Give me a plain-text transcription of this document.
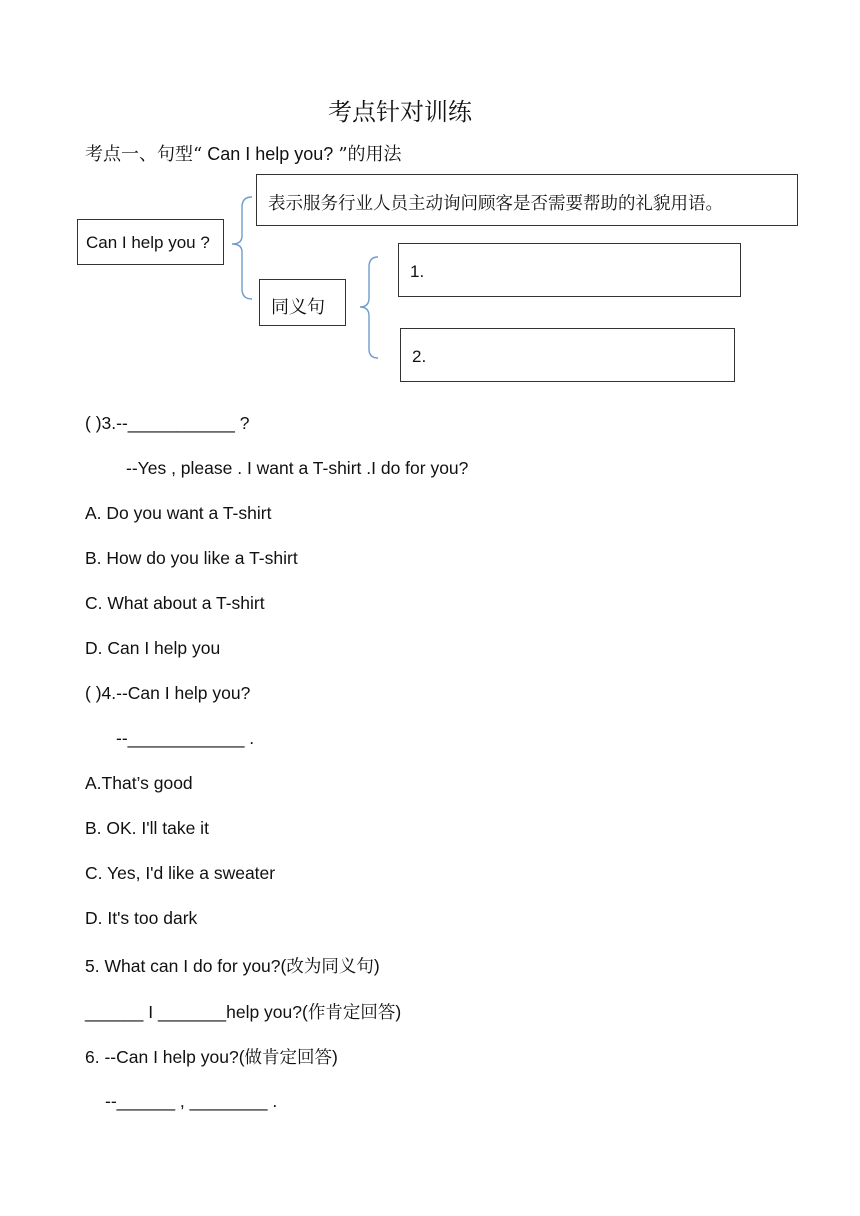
考点针对训练
考点一、句型“ Can I help you? ”的用法
Can I help you ?
表示服务行业人员主动询问顾客是否需要帮助的礼貌用语。
同义句
1.
2.
( )3.--___________ ?
--Yes , please . I want a T-shirt .I do for you?
A. Do you want a T-shirt
B. How do you like a T-shirt
C. What about a T-shirt
D. Can I help you
( )4.--Can I help you?
--____________ .
A.That’s good
B. OK. I'll take it
C. Yes, I'd like a sweater
D. It's too dark
5. What can I do for you?(改为同义句)
______ I _______help you?(作肯定回答)
6. --Can I help you?(做肯定回答)
--______ , ________ .
